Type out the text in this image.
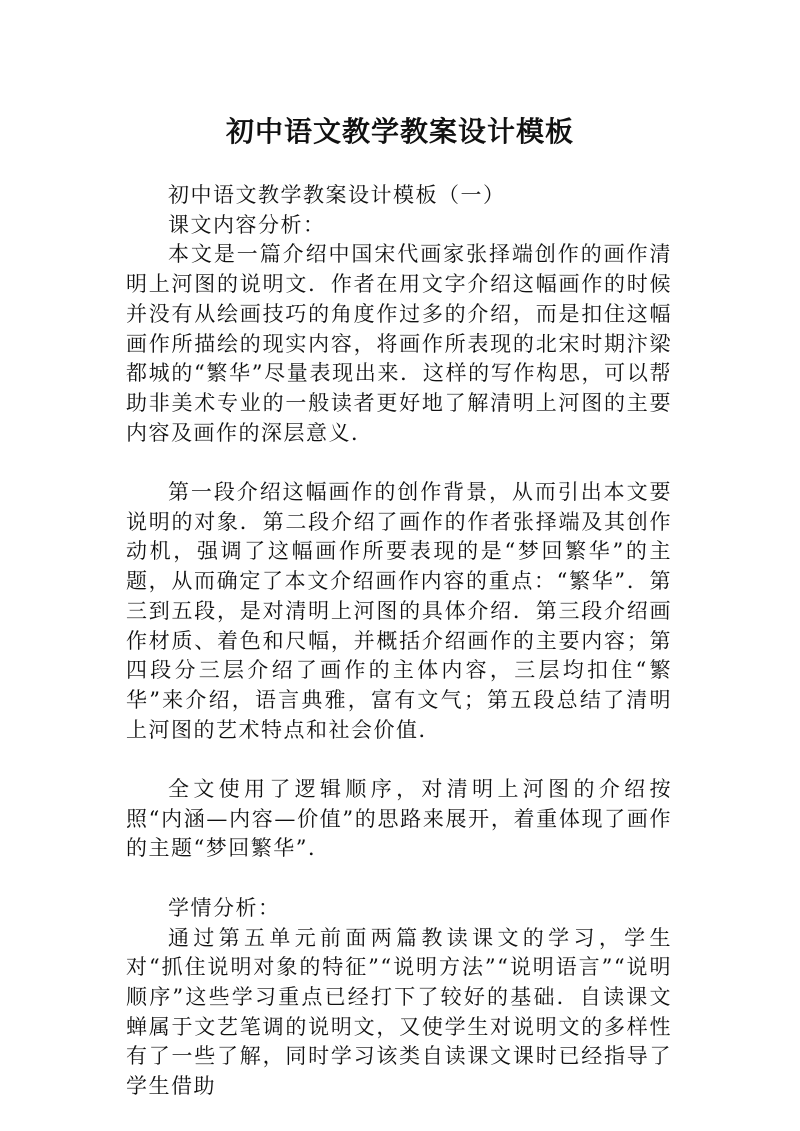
初中语文教学教案设计模板

初中语文教学教案设计模板（一）

课文内容分析：

本文是一篇介绍中国宋代画家张择端创作的画作清明上河图的说明文．作者在用文字介绍这幅画作的时候并没有从绘画技巧的角度作过多的介绍，而是扣住这幅画作所描绘的现实内容，将画作所表现的北宋时期汴梁都城的“繁华”尽量表现出来．这样的写作构思，可以帮助非美术专业的一般读者更好地了解清明上河图的主要内容及画作的深层意义．

第一段介绍这幅画作的创作背景，从而引出本文要说明的对象．第二段介绍了画作的作者张择端及其创作动机，强调了这幅画作所要表现的是“梦回繁华”的主题，从而确定了本文介绍画作内容的重点：“繁华”．第三到五段，是对清明上河图的具体介绍．第三段介绍画作材质、着色和尺幅，并概括介绍画作的主要内容；第四段分三层介绍了画作的主体内容，三层均扣住“繁华”来介绍，语言典雅，富有文气；第五段总结了清明上河图的艺术特点和社会价值．

全文使用了逻辑顺序，对清明上河图的介绍按照“内涵—内容—价值”的思路来展开，着重体现了画作的主题“梦回繁华”．

学情分析：

通过第五单元前面两篇教读课文的学习，学生对“抓住说明对象的特征”“说明方法”“说明语言”“说明顺序”这些学习重点已经打下了较好的基础．自读课文蝉属于文艺笔调的说明文，又使学生对说明文的多样性有了一些了解，同时学习该类自读课文课时已经指导了学生借助
